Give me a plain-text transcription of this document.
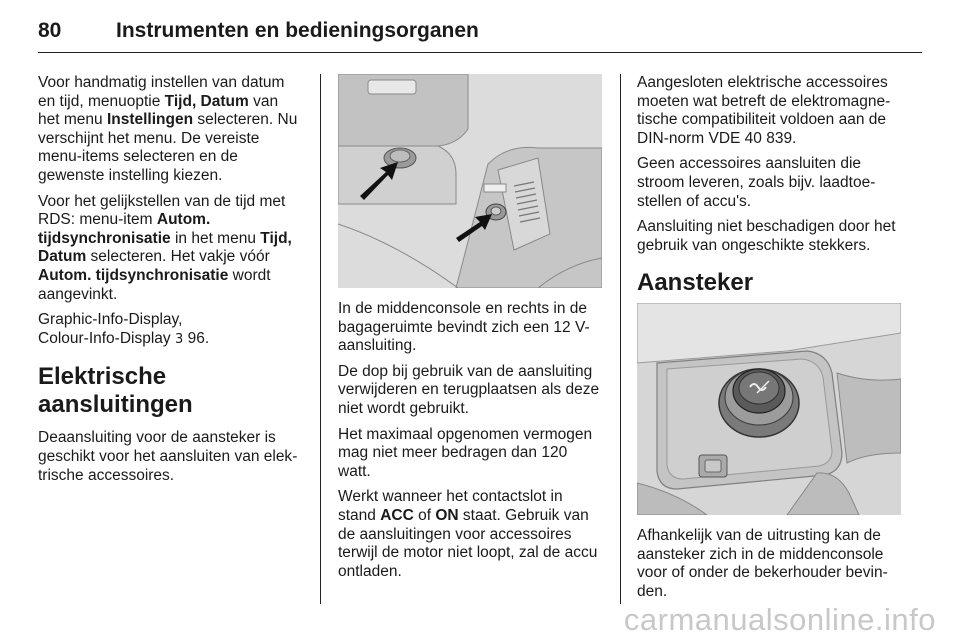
80	Instrumenten en bedieningsorganen

Voor handmatig instellen van datum en tijd, menuoptie Tijd, Datum van het menu Instellingen selecteren. Nu verschijnt het menu. De vereiste menu-items selecteren en de gewenste instelling kiezen.

Voor het gelijkstellen van de tijd met RDS: menu-item Autom. tijdsynchronisatie in het menu Tijd, Datum selecteren. Het vakje vóór Autom. tijdsynchronisatie wordt aangevinkt.

Graphic-Info-Display,
Colour-Info-Display 3 96.

Elektrische aansluitingen

Deaansluiting voor de aansteker is geschikt voor het aansluiten van elektrische accessoires.

In de middenconsole en rechts in de bagageruimte bevindt zich een 12 V-aansluiting.

De dop bij gebruik van de aansluiting verwijderen en terugplaatsen als deze niet wordt gebruikt.

Het maximaal opgenomen vermogen mag niet meer bedragen dan 120 watt.

Werkt wanneer het contactslot in stand ACC of ON staat. Gebruik van de aansluitingen voor accessoires terwijl de motor niet loopt, zal de accu ontladen.

Aangesloten elektrische accessoires moeten wat betreft de elektromagnetische compatibiliteit voldoen aan de DIN-norm VDE 40 839.

Geen accessoires aansluiten die stroom leveren, zoals bijv. laadtoestellen of accu's.

Aansluiting niet beschadigen door het gebruik van ongeschikte stekkers.

Aansteker

Afhankelijk van de uitrusting kan de aansteker zich in de middenconsole voor of onder de bekerhouder bevinden.

carmanualsonline.info
